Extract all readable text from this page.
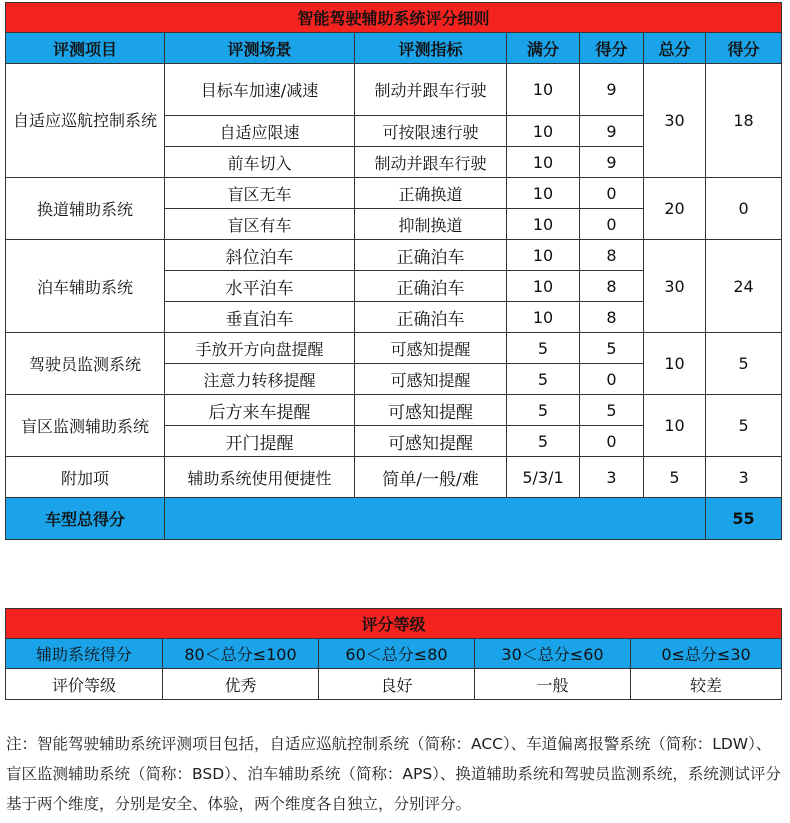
智能驾驶辅助系统评分细则						
评测项目	评测场景	评测指标	满分	得分	总分	得分
自适应巡航控制系统	目标车加速/减速	制动并跟车行驶	10	9	30	18
	自适应限速	可按限速行驶	10	9		
	前车切入	制动并跟车行驶	10	9		
换道辅助系统	盲区无车	正确换道	10	0	20	0
	盲区有车	抑制换道	10	0		
泊车辅助系统	斜位泊车	正确泊车	10	8	30	24
	水平泊车	正确泊车	10	8		
	垂直泊车	正确泊车	10	8		
驾驶员监测系统	手放开方向盘提醒	可感知提醒	5	5	10	5
	注意力转移提醒	可感知提醒	5	0		
盲区监测辅助系统	后方来车提醒	可感知提醒	5	5	10	5
	开门提醒	可感知提醒	5	0		
附加项	辅助系统使用便捷性	简单/一般/难	5/3/1	3	5	3
车型总得分						55
评分等级				
辅助系统得分	80＜总分≤100	60＜总分≤80	30＜总分≤60	0≤总分≤30
评价等级	优秀	良好	一般	较差
注：智能驾驶辅助系统评测项目包括，自适应巡航控制系统（简称：ACC）、车道偏离报警系统（简称：LDW）、盲区监测辅助系统（简称：BSD）、泊车辅助系统（简称：APS）、换道辅助系统和驾驶员监测系统，系统测试评分基于两个维度，分别是安全、体验，两个维度各自独立，分别评分。
